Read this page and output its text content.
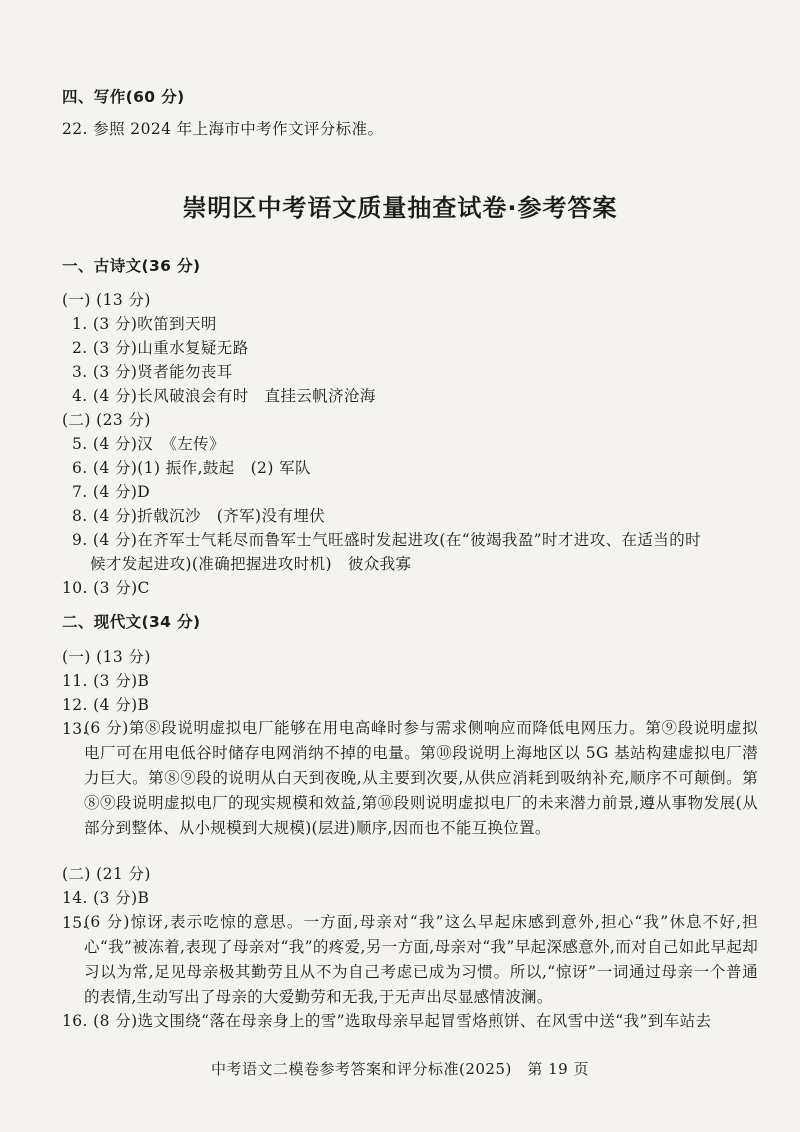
四、写作(60 分)
22. 参照 2024 年上海市中考作文评分标准。
崇明区中考语文质量抽查试卷·参考答案
一、古诗文(36 分)
(一) (13 分)
1. (3 分)吹笛到天明
2. (3 分)山重水复疑无路
3. (3 分)贤者能勿丧耳
4. (4 分)长风破浪会有时　直挂云帆济沧海
(二) (23 分)
5. (4 分)汉　《左传》
6. (4 分)(1) 振作,鼓起　(2) 军队
7. (4 分)D
8. (4 分)折戟沉沙　(齐军)没有埋伏
9. (4 分)在齐军士气耗尽而鲁军士气旺盛时发起进攻(在“彼竭我盈”时才进攻、在适当的时
候才发起进攻)(准确把握进攻时机)　彼众我寡
10. (3 分)C
二、现代文(34 分)
(一) (13 分)
11. (3 分)B
12. (4 分)B
13.
(6 分)第⑧段说明虚拟电厂能够在用电高峰时参与需求侧响应而降低电网压力。第⑨段说明虚拟电厂可在用电低谷时储存电网消纳不掉的电量。第⑩段说明上海地区以 5G 基站构建虚拟电厂潜力巨大。第⑧⑨段的说明从白天到夜晚,从主要到次要,从供应消耗到吸纳补充,顺序不可颠倒。第⑧⑨段说明虚拟电厂的现实规模和效益,第⑩段则说明虚拟电厂的未来潜力前景,遵从事物发展(从部分到整体、从小规模到大规模)(层进)顺序,因而也不能互换位置。
(二) (21 分)
14. (3 分)B
15.
(6 分)惊讶,表示吃惊的意思。一方面,母亲对“我”这么早起床感到意外,担心“我”休息不好,担心“我”被冻着,表现了母亲对“我”的疼爱,另一方面,母亲对“我”早起深感意外,而对自己如此早起却习以为常,足见母亲极其勤劳且从不为自己考虑已成为习惯。所以,“惊讶”一词通过母亲一个普通的表情,生动写出了母亲的大爱勤劳和无我,于无声出尽显感情波澜。
16. (8 分)选文围绕“落在母亲身上的雪”选取母亲早起冒雪烙煎饼、在风雪中送“我”到车站去
中考语文二模卷参考答案和评分标准(2025)　第 19 页
